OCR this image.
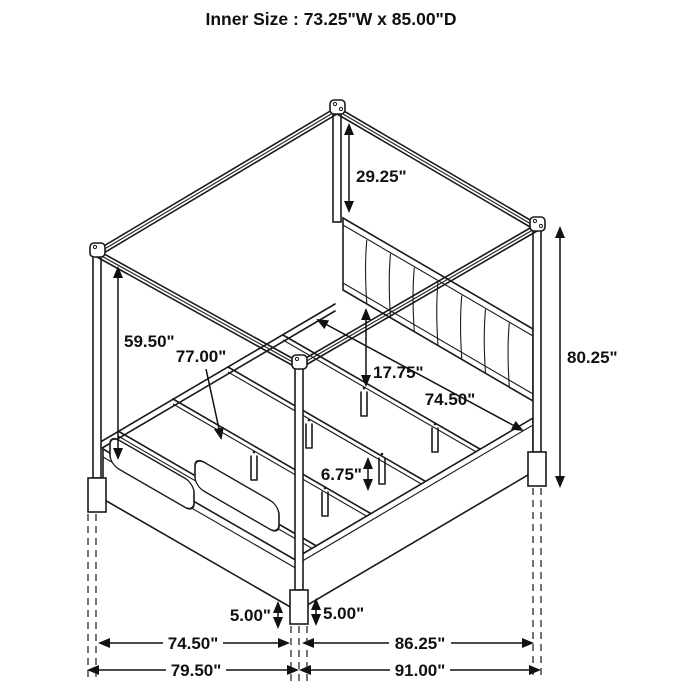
Inner Size : 73.25"W x 85.00"D
29.25"
59.50"
77.00"
17.75"
74.50"
80.25"
6.75"
5.00"	5.00"
74.50"	86.25"
79.50"	91.00"
